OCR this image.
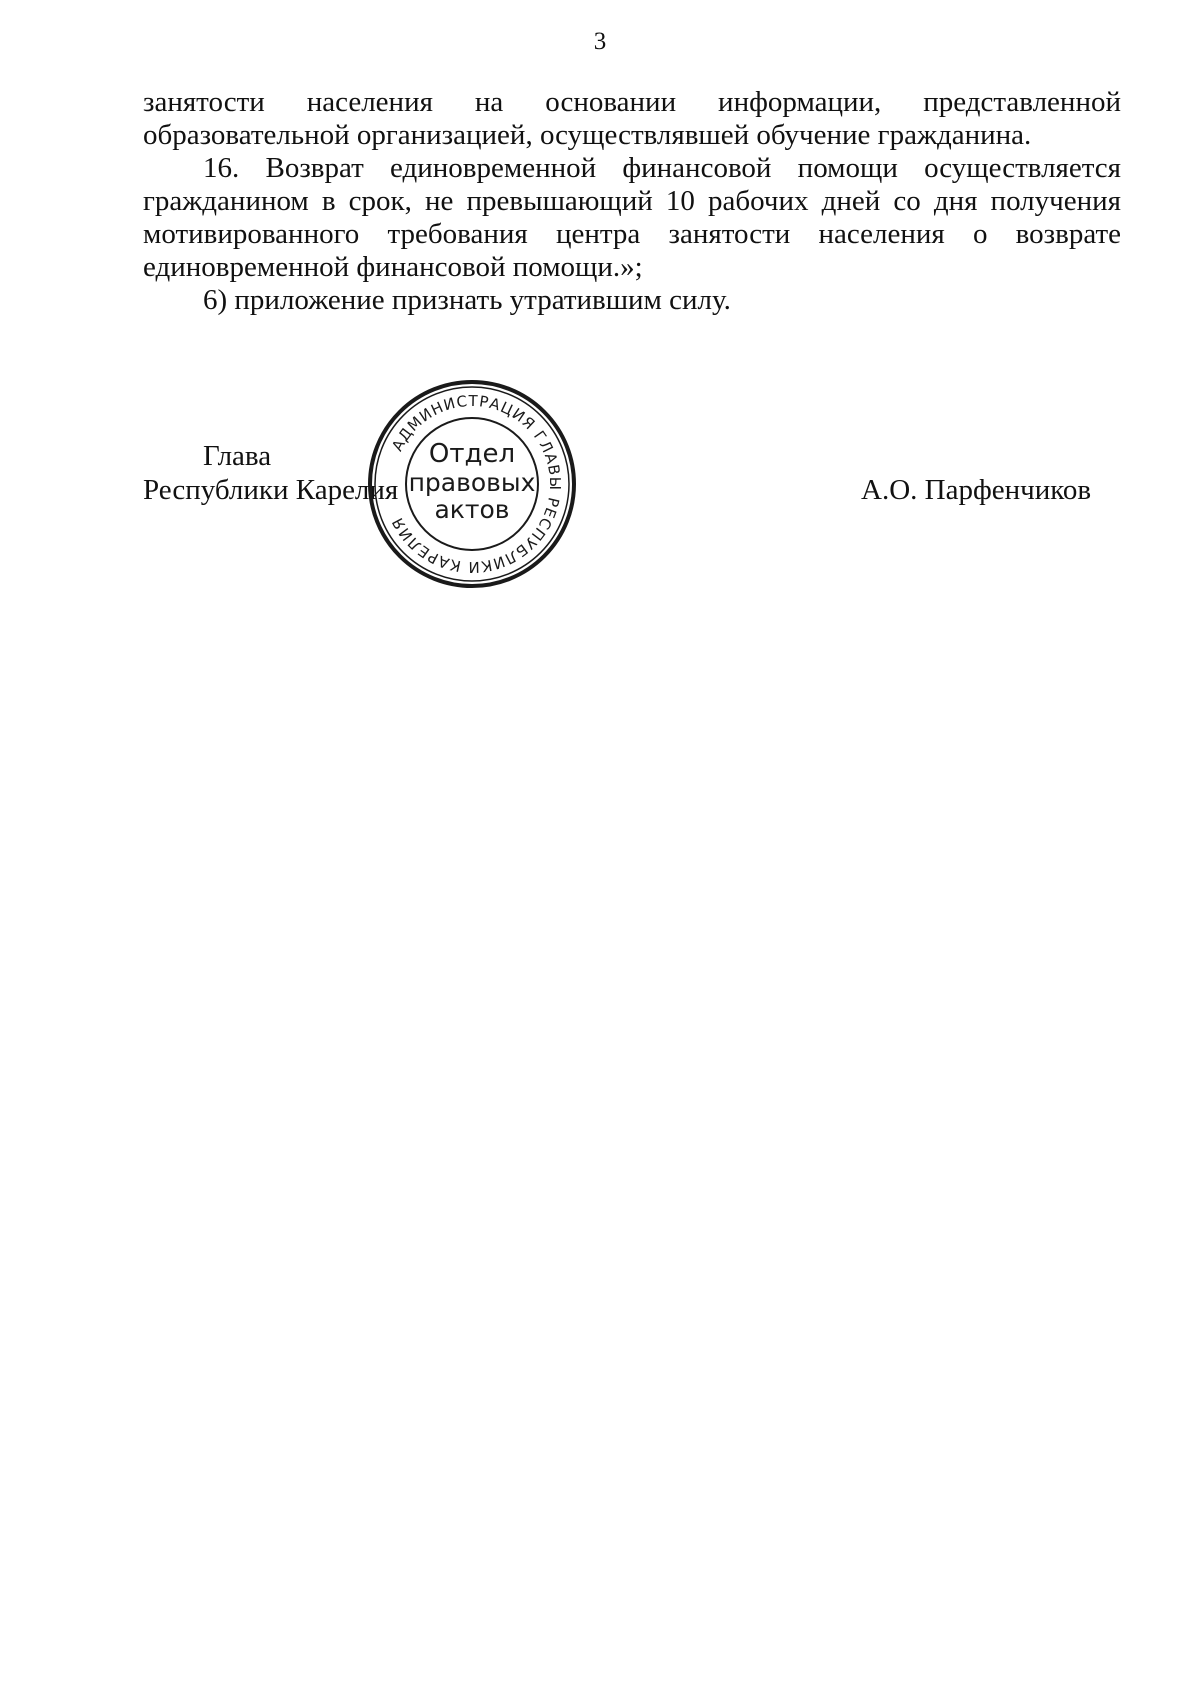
3

занятости населения на основании информации, представленной
образовательной организацией, осуществлявшей обучение гражданина.

16. Возврат единовременной финансовой помощи осуществляется
гражданином в срок, не превышающий 10 рабочих дней со дня получения
мотивированного требования центра занятости населения о возврате
единовременной финансовой помощи.»;

6) приложение признать утратившим силу.

Глава
Республики Карелия	А.О. Парфенчиков
АДМИНИСТРАЦИЯ ГЛАВЫ РЕСПУБЛИКИ КАРЕЛИЯ
Отдел
правовых
актов
